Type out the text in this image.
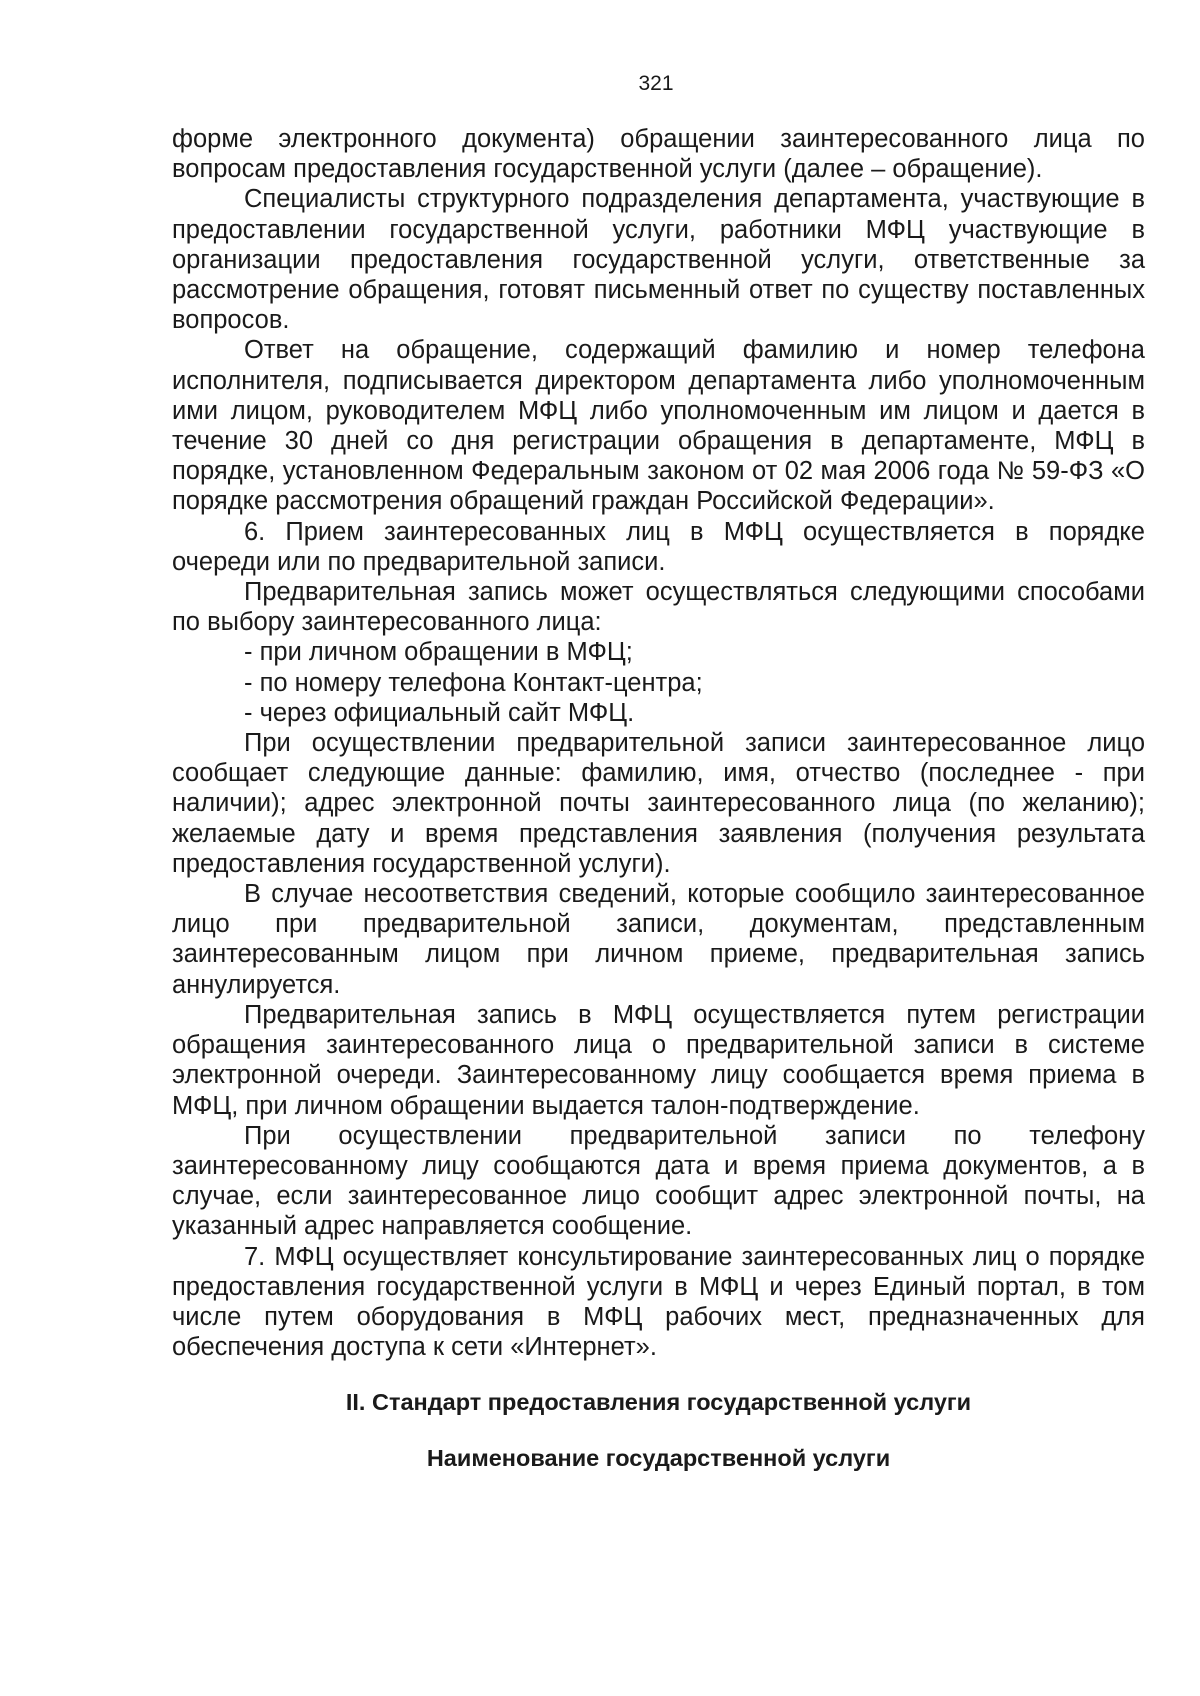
321

форме электронного документа) обращении заинтересованного лица по вопросам предоставления государственной услуги (далее – обращение).

Специалисты структурного подразделения департамента, участвующие в предоставлении государственной услуги, работники МФЦ участвующие в организации предоставления государственной услуги, ответственные за рассмотрение обращения, готовят письменный ответ по существу поставленных вопросов.

Ответ на обращение, содержащий фамилию и номер телефона исполнителя, подписывается директором департамента либо уполномоченным ими лицом, руководителем МФЦ либо уполномоченным им лицом и дается в течение 30 дней со дня регистрации обращения в департаменте, МФЦ в порядке, установленном Федеральным законом от 02 мая 2006 года № 59-ФЗ «О порядке рассмотрения обращений граждан Российской Федерации».

6. Прием заинтересованных лиц в МФЦ осуществляется в порядке очереди или по предварительной записи.

Предварительная запись может осуществляться следующими способами по выбору заинтересованного лица:

- при личном обращении в МФЦ;

- по номеру телефона Контакт-центра;

- через официальный сайт МФЦ.

При осуществлении предварительной записи заинтересованное лицо сообщает следующие данные: фамилию, имя, отчество (последнее - при наличии); адрес электронной почты заинтересованного лица (по желанию); желаемые дату и время представления заявления (получения результата предоставления государственной услуги).

В случае несоответствия сведений, которые сообщило заинтересованное лицо при предварительной записи, документам, представленным заинтересованным лицом при личном приеме, предварительная запись аннулируется.

Предварительная запись в МФЦ осуществляется путем регистрации обращения заинтересованного лица о предварительной записи в системе электронной очереди. Заинтересованному лицу сообщается время приема в МФЦ, при личном обращении выдается талон-подтверждение.

При осуществлении предварительной записи по телефону заинтересованному лицу сообщаются дата и время приема документов, а в случае, если заинтересованное лицо сообщит адрес электронной почты, на указанный адрес направляется сообщение.

7. МФЦ осуществляет консультирование заинтересованных лиц о порядке предоставления государственной услуги в МФЦ и через Единый портал, в том числе путем оборудования в МФЦ рабочих мест, предназначенных для обеспечения доступа к сети «Интернет».

II. Стандарт предоставления государственной услуги
Наименование государственной услуги
